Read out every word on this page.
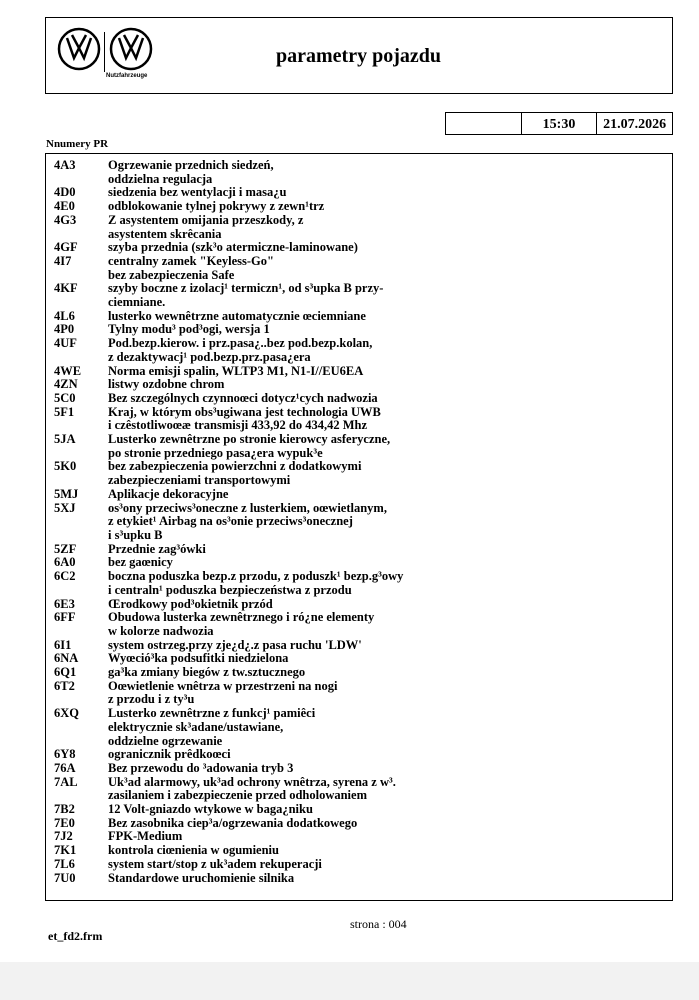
Nutzfahrzeuge
parametry pojazdu
15:30	21.07.2026
Nnumery PR
4A3	Ogrzewanie przednich siedzeń,
oddzielna regulacja
4D0	siedzenia bez wentylacji i masa¿u
4E0	odblokowanie tylnej pokrywy z zewn¹trz
4G3	Z asystentem omijania przeszkody, z
asystentem skrêcania
4GF	szyba przednia (szk³o atermiczne-laminowane)
4I7	centralny zamek "Keyless-Go"
bez zabezpieczenia Safe
4KF	szyby boczne z izolacj¹ termiczn¹, od s³upka B przy-
ciemniane.
4L6	lusterko wewnêtrzne automatycznie œciemniane
4P0	Tylny modu³ pod³ogi, wersja 1
4UF	Pod.bezp.kierow. i prz.pasa¿..bez pod.bezp.kolan,
z dezaktywacj¹ pod.bezp.prz.pasa¿era
4WE	Norma emisji spalin, WLTP3 M1, N1-I//EU6EA
4ZN	listwy ozdobne chrom
5C0	Bez szczególnych czynnoœci dotycz¹cych nadwozia
5F1	Kraj, w którym obs³ugiwana jest technologia UWB
i czêstotliwoœæ transmisji 433,92 do 434,42 Mhz
5JA	Lusterko zewnêtrzne po stronie kierowcy asferyczne,
po stronie przedniego pasa¿era wypuk³e
5K0	bez zabezpieczenia powierzchni z dodatkowymi
zabezpieczeniami transportowymi
5MJ	Aplikacje dekoracyjne
5XJ	os³ony przeciws³oneczne z lusterkiem, oœwietlanym,
z etykiet¹ Airbag na os³onie przeciws³onecznej
i s³upku B
5ZF	Przednie zag³ówki
6A0	bez gaœnicy
6C2	boczna poduszka bezp.z przodu, z poduszk¹ bezp.g³owy
i centraln¹ poduszka bezpieczeństwa z przodu
6E3	Œrodkowy pod³okietnik przód
6FF	Obudowa lusterka zewnêtrznego i ró¿ne elementy
w kolorze nadwozia
6I1	system ostrzeg.przy zje¿d¿.z pasa ruchu 'LDW'
6NA	Wyœció³ka podsufitki niedzielona
6Q1	ga³ka zmiany biegów z tw.sztucznego
6T2	Oœwietlenie wnêtrza w przestrzeni na nogi
z przodu i z ty³u
6XQ	Lusterko zewnêtrzne z funkcj¹ pamiêci
elektrycznie sk³adane/ustawiane,
oddzielne ogrzewanie
6Y8	ogranicznik prêdkoœci
76A	Bez przewodu do ³adowania tryb 3
7AL	Uk³ad alarmowy, uk³ad ochrony wnêtrza, syrena z w³.
zasilaniem i zabezpieczenie przed odholowaniem
7B2	12 Volt-gniazdo wtykowe w baga¿niku
7E0	Bez zasobnika ciep³a/ogrzewania dodatkowego
7J2	FPK-Medium
7K1	kontrola ciœnienia w ogumieniu
7L6	system start/stop z uk³adem rekuperacji
7U0	Standardowe uruchomienie silnika
strona : 004
et_fd2.frm
